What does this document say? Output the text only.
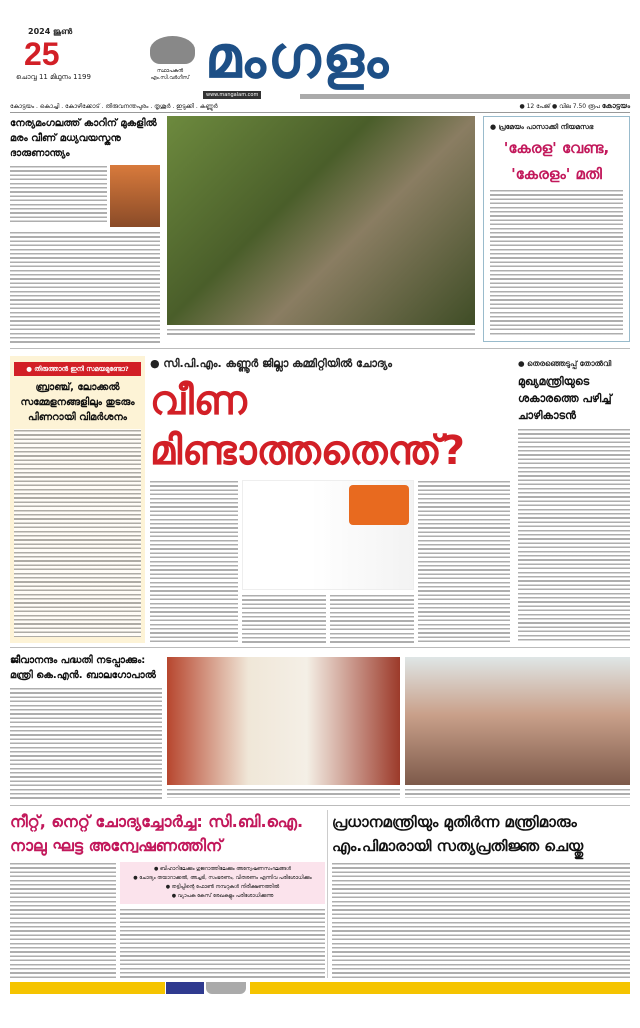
2024 ജൂൺ
25
ചൊവ്വ 11 മിഥുനം 1199
സ്ഥാപകൻ എം.സി.വർഗീസ് മംഗളം
www.mangalam.com
കോട്ടയം . കൊച്ചി . കോഴിക്കോട് . തിരുവനന്തപുരം . തൃശൂർ . ഇടുക്കി . കണ്ണൂർ	● 12 പേജ് ● വില 7.50 രൂപ കോട്ടയം
നേര്യമംഗലത്ത് കാറിന് മുകളിൽ മരം വീണ് മധ്യവയസ്കനു ദാരുണാന്ത്യം
● പ്രമേയം പാസാക്കി നിയമസഭ
'കേരള' വേണ്ട,
'കേരളം' മതി
● തിരുത്താൻ ഇനി സമയമുണ്ടോ?
ബ്രാഞ്ച്, ലോക്കൽ സമ്മേളനങ്ങളിലും തുടരും പിണറായി വിമർശനം
● സി.പി.എം. കണ്ണൂർ ജില്ലാ കമ്മിറ്റിയിൽ ചോദ്യം
വീണ മിണ്ടാത്തതെന്ത്?
● തെരഞ്ഞെടുപ്പ് തോൽവി
മുഖ്യമന്ത്രിയുടെ ശകാരത്തെ പഴിച്ച് ചാഴികാടൻ
ജീവാനന്ദം പദ്ധതി നടപ്പാക്കും: മന്ത്രി കെ.എൻ. ബാലഗോപാൽ
നീറ്റ്, നെറ്റ് ചോദ്യച്ചോർച്ച: സി.ബി.ഐ. നാലു ഘട്ട അന്വേഷണത്തിന്
● ബിഹാറിലേക്കും ഗുജറാത്തിലേക്കും അന്വേഷണസംഘങ്ങൾ
● ചോദ്യം തയാറാക്കൽ, അച്ചടി, സംഭരണം, വിതരണം എന്നിവ പരിശോധിക്കും
● തട്ടിപ്പിന്റെ ഫോൺ നമ്പറുകൾ നിരീക്ഷണത്തിൽ
● വ്യാപക കേസ് രേഖകളും പരിശോധിക്കുന്നു
പ്രധാനമന്ത്രിയും മുതിർന്ന മന്ത്രിമാരും എം.പിമാരായി സത്യപ്രതിജ്ഞ ചെയ്തു
